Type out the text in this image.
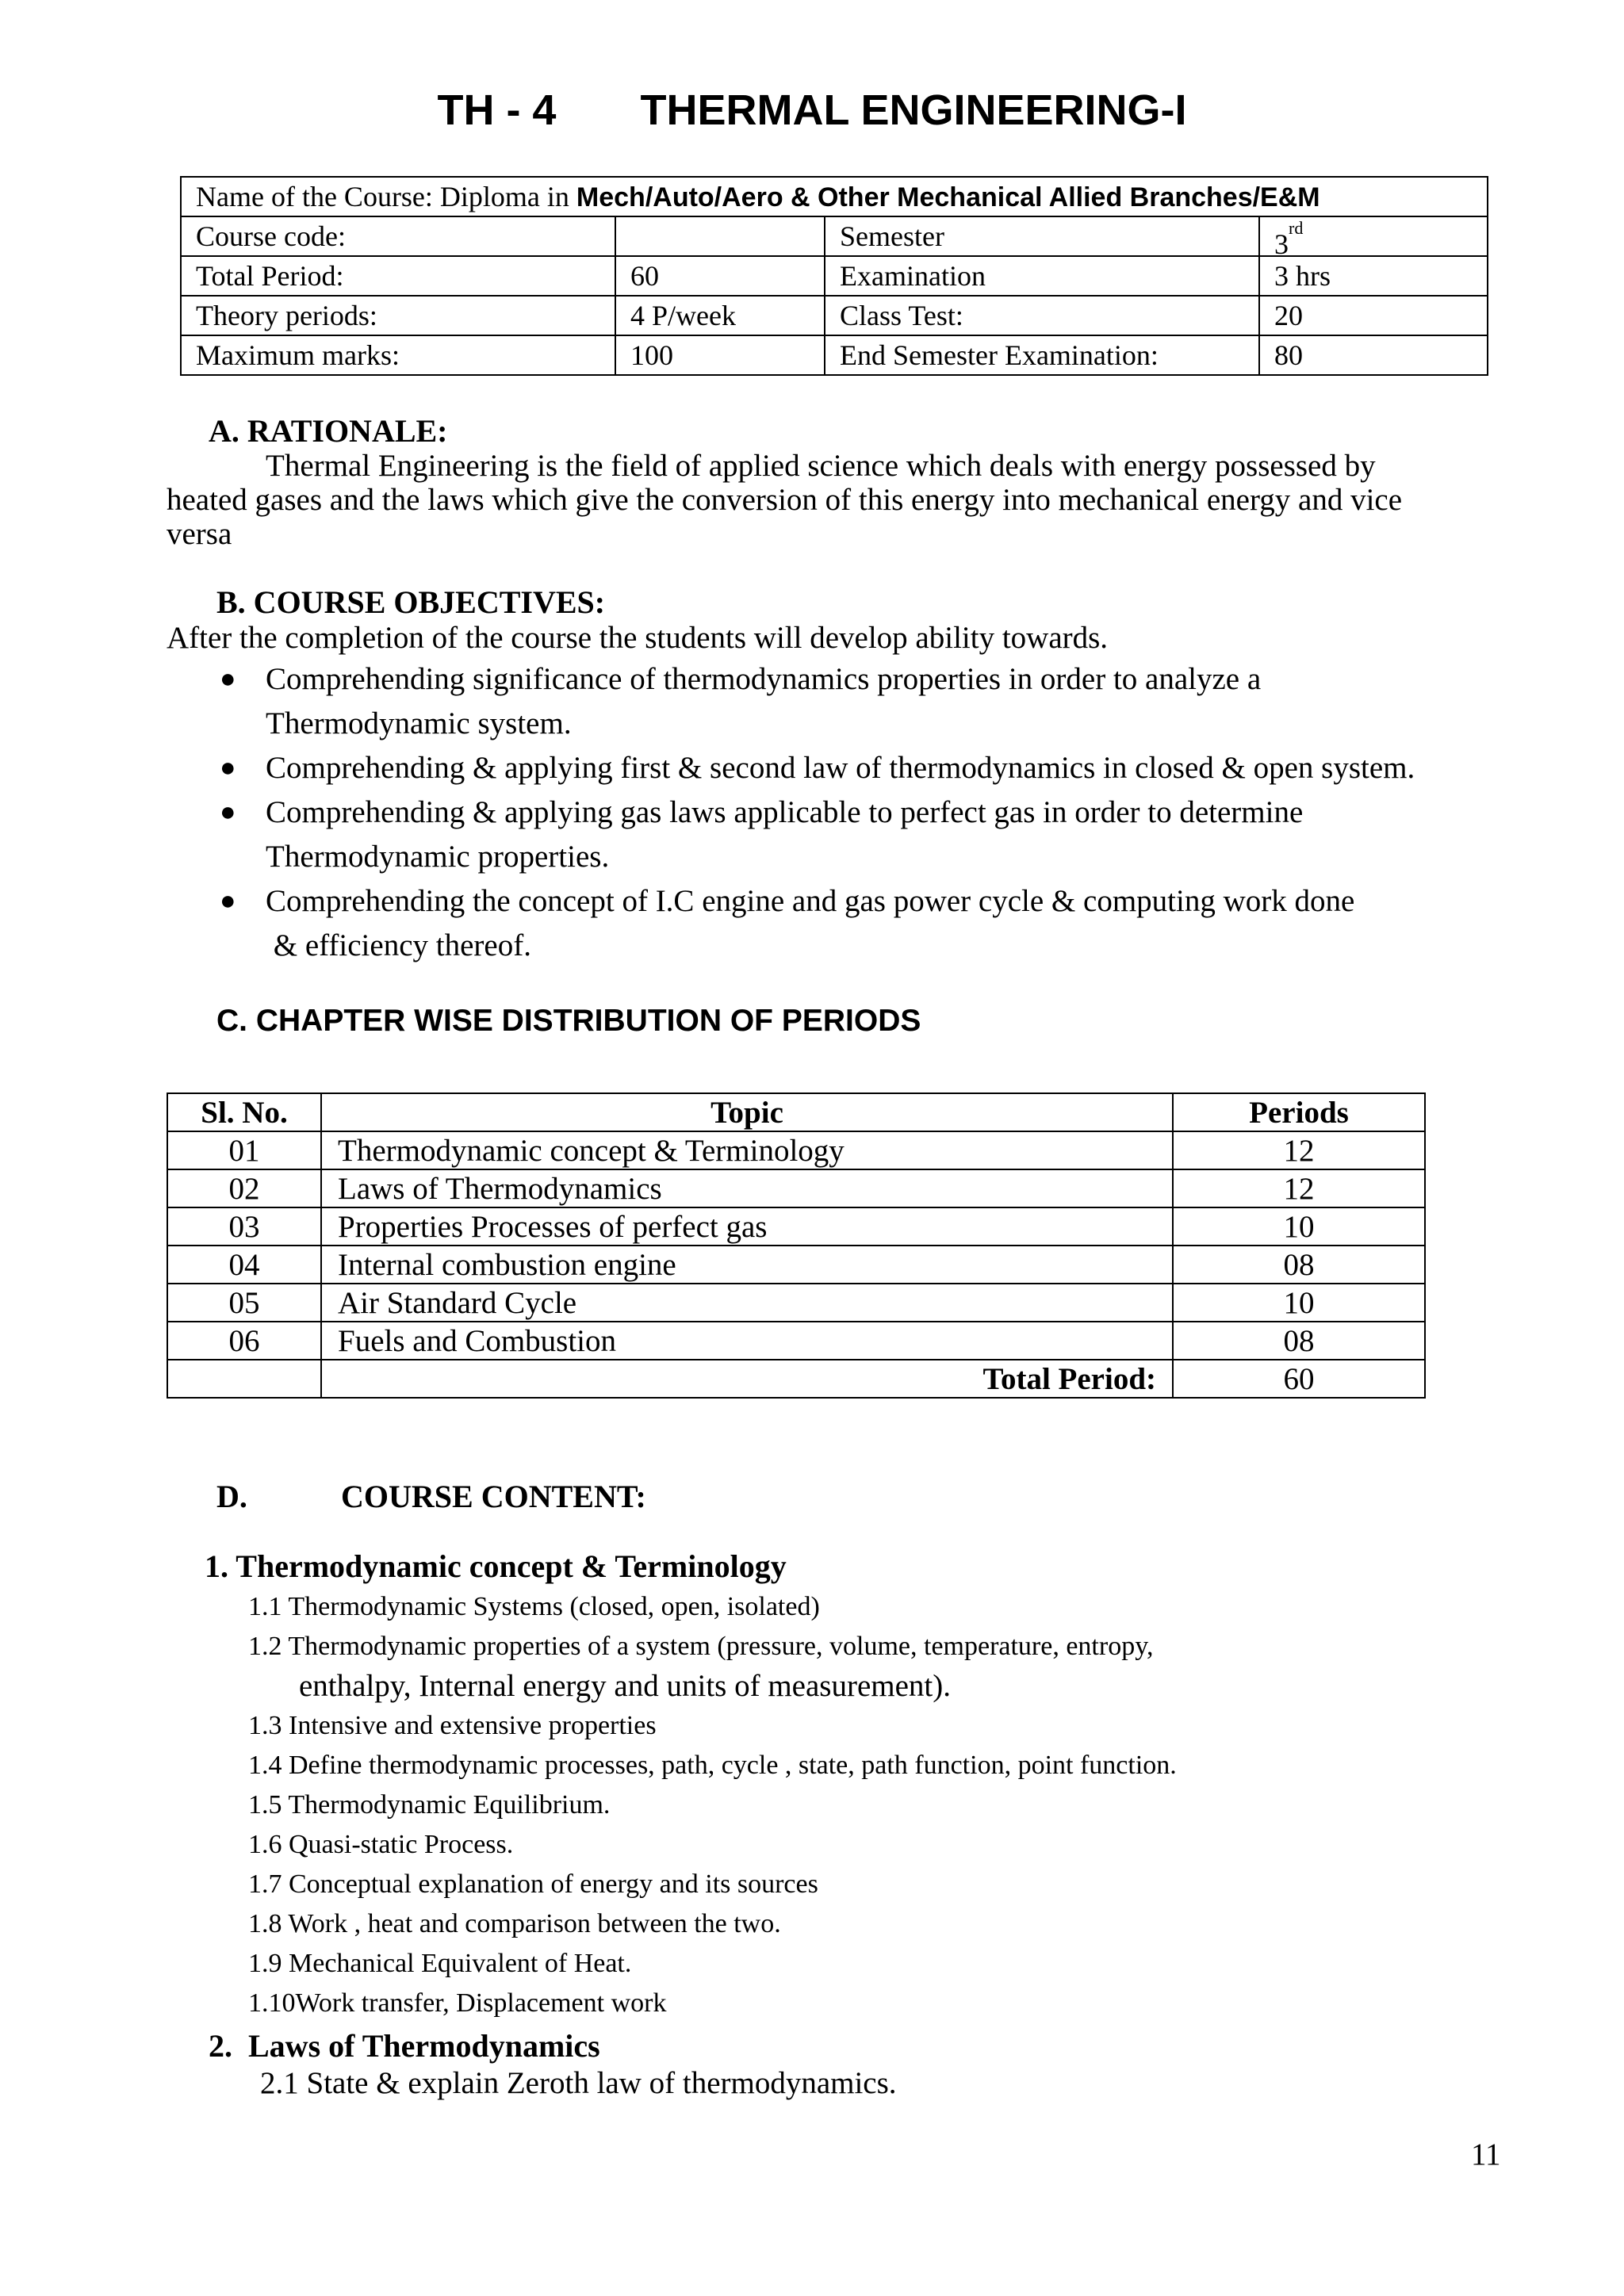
TH - 4 THERMAL ENGINEERING-I
Name of the Course: Diploma in Mech/Auto/Aero & Other Mechanical Allied Branches/E&M			
Course code:		Semester	3rd
Total Period:	60	Examination	3 hrs
Theory periods:	4 P/week	Class Test:	20
Maximum marks:	100	End Semester Examination:	80
A. RATIONALE:
Thermal Engineering is the field of applied science which deals with energy possessed by
heated gases and the laws which give the conversion of this energy into mechanical energy and vice
versa
B. COURSE OBJECTIVES:
After the completion of the course the students will develop ability towards.
● Comprehending significance of thermodynamics properties in order to analyze a
Thermodynamic system.
● Comprehending & applying first & second law of thermodynamics in closed & open system.
● Comprehending & applying gas laws applicable to perfect gas in order to determine
Thermodynamic properties.
● Comprehending the concept of I.C engine and gas power cycle & computing work done
& efficiency thereof.
C. CHAPTER WISE DISTRIBUTION OF PERIODS
Sl. No.	Topic	Periods
01	Thermodynamic concept & Terminology	12
02	Laws of Thermodynamics	12
03	Properties Processes of perfect gas	10
04	Internal combustion engine	08
05	Air Standard Cycle	10
06	Fuels and Combustion	08
	Total Period:	60
D.	COURSE CONTENT:
1. Thermodynamic concept & Terminology
1.1 Thermodynamic Systems (closed, open, isolated)
1.2 Thermodynamic properties of a system (pressure, volume, temperature, entropy,
enthalpy, Internal energy and units of measurement).
1.3 Intensive and extensive properties
1.4 Define thermodynamic processes, path, cycle , state, path function, point function.
1.5 Thermodynamic Equilibrium.
1.6 Quasi-static Process.
1.7 Conceptual explanation of energy and its sources
1.8 Work , heat and comparison between the two.
1.9 Mechanical Equivalent of Heat.
1.10Work transfer, Displacement work
2.  Laws of Thermodynamics
2.1 State & explain Zeroth law of thermodynamics.
11
